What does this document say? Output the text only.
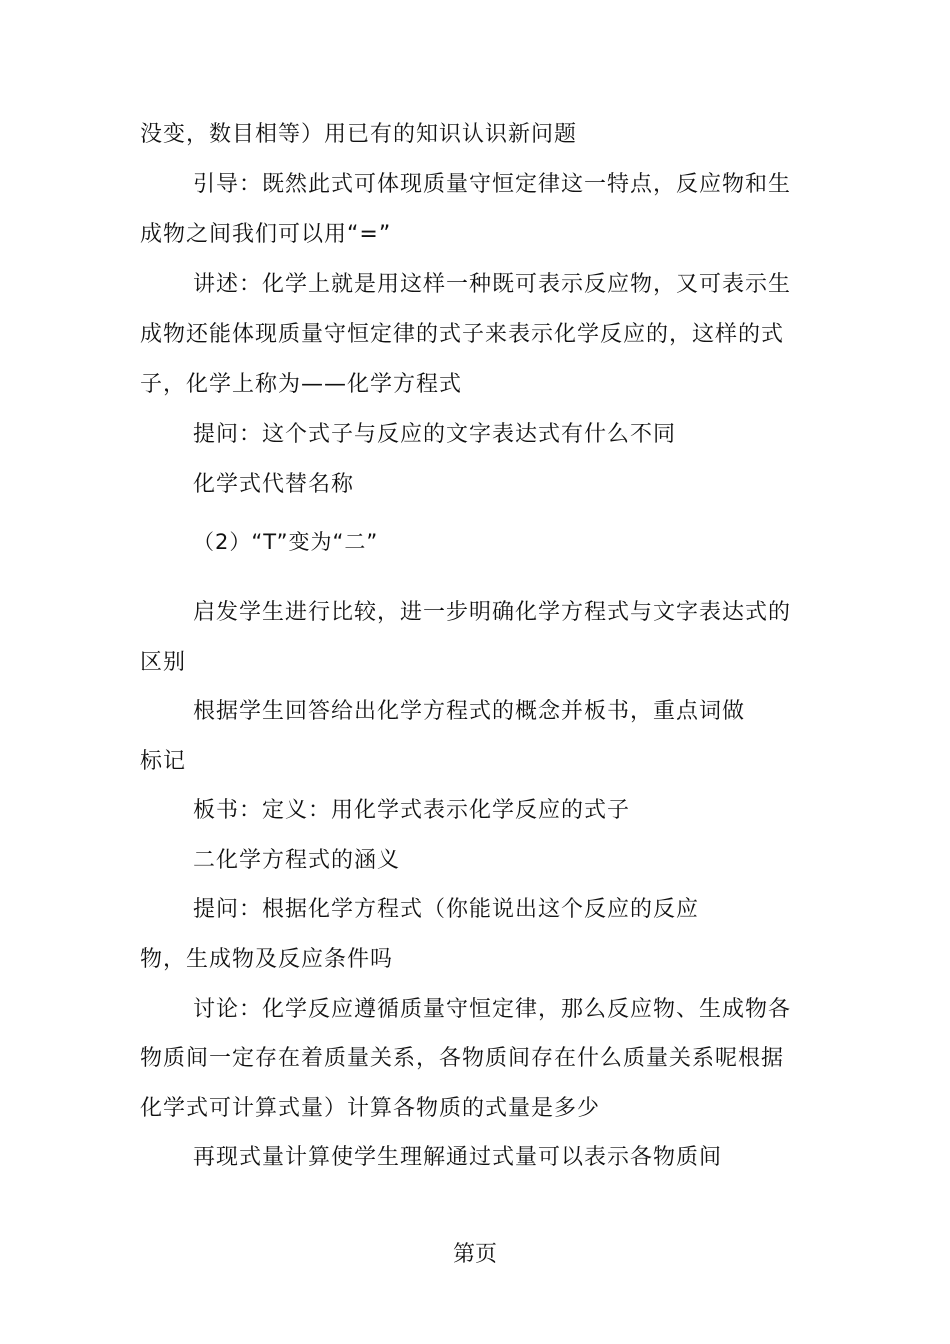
没变，数目相等）用已有的知识认识新问题
引导：既然此式可体现质量守恒定律这一特点，反应物和生
成物之间我们可以用“=”
讲述：化学上就是用这样一种既可表示反应物，又可表示生
成物还能体现质量守恒定律的式子来表示化学反应的，这样的式
子，化学上称为——化学方程式
提问：这个式子与反应的文字表达式有什么不同
化学式代替名称
（2）“T”变为“二”
启发学生进行比较，进一步明确化学方程式与文字表达式的
区别
根据学生回答给出化学方程式的概念并板书，重点词做
标记
板书：定义：用化学式表示化学反应的式子
二化学方程式的涵义
提问：根据化学方程式（你能说出这个反应的反应
物，生成物及反应条件吗
讨论：化学反应遵循质量守恒定律，那么反应物、生成物各
物质间一定存在着质量关系，各物质间存在什么质量关系呢根据
化学式可计算式量）计算各物质的式量是多少
再现式量计算使学生理解通过式量可以表示各物质间
第页
